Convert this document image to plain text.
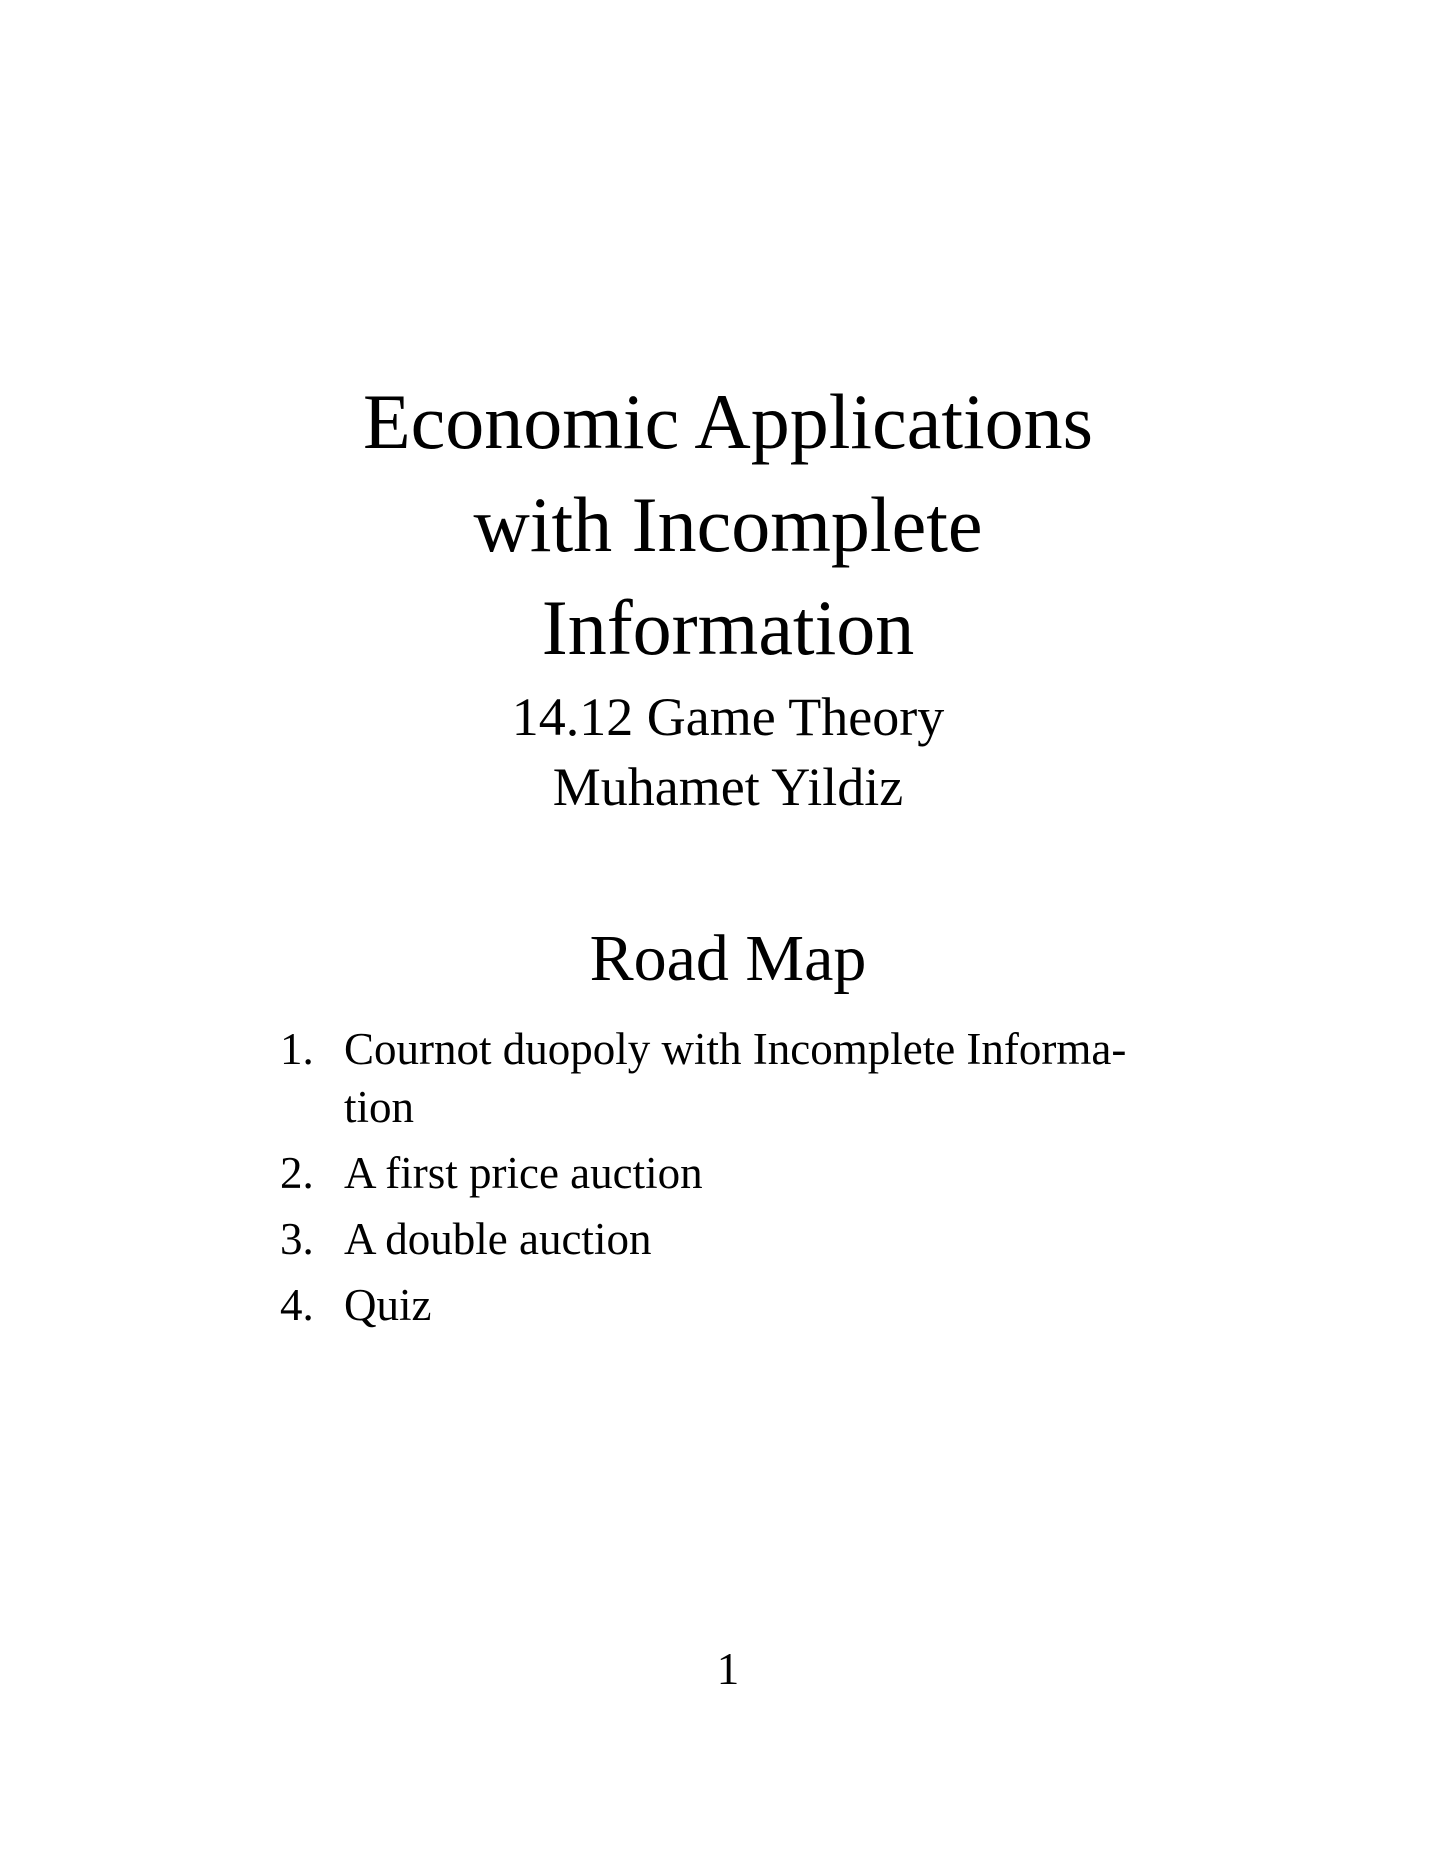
Economic Applications
with Incomplete
Information
14.12 Game Theory
Muhamet Yildiz
Road Map
1. Cournot duopoly with Incomplete Informa-
tion
2. A first price auction
3. A double auction
4. Quiz
1
